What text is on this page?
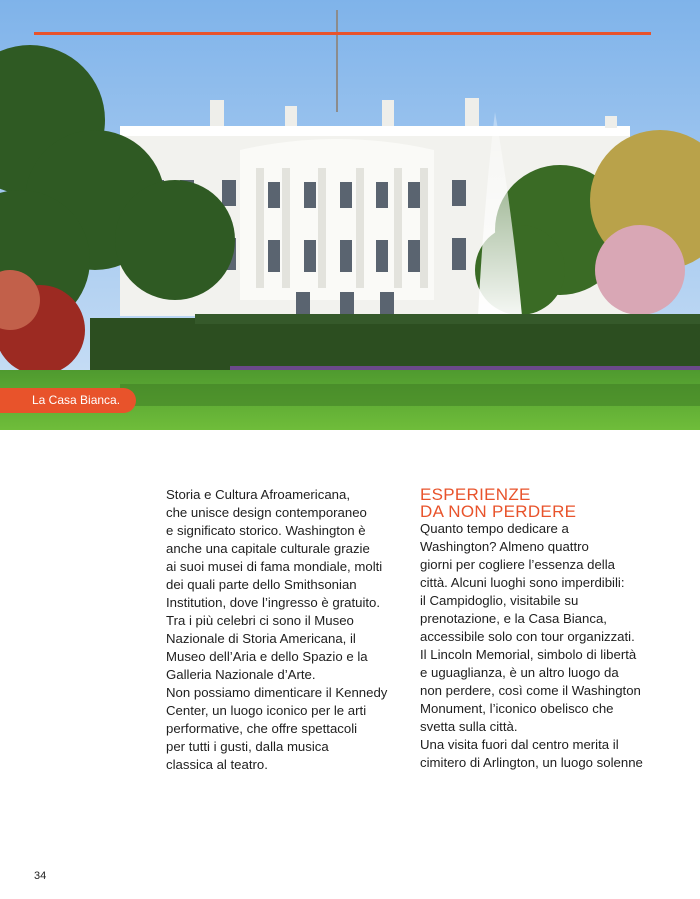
La Casa Bianca.
Storia e Cultura Afroamericana,
che unisce design contemporaneo
e significato storico. Washington è
anche una capitale culturale grazie
ai suoi musei di fama mondiale, molti
dei quali parte dello Smithsonian
Institution, dove l’ingresso è gratuito.
Tra i più celebri ci sono il Museo
Nazionale di Storia Americana, il
Museo dell’Aria e dello Spazio e la
Galleria Nazionale d’Arte.
Non possiamo dimenticare il Kennedy
Center, un luogo iconico per le arti
performative, che offre spettacoli
per tutti i gusti, dalla musica
classica al teatro.
ESPERIENZE
DA NON PERDERE
Quanto tempo dedicare a
Washington? Almeno quattro
giorni per cogliere l’essenza della
città. Alcuni luoghi sono imperdibili:
il Campidoglio, visitabile su
prenotazione, e la Casa Bianca,
accessibile solo con tour organizzati.
Il Lincoln Memorial, simbolo di libertà
e uguaglianza, è un altro luogo da
non perdere, così come il Washington
Monument, l’iconico obelisco che
svetta sulla città.
Una visita fuori dal centro merita il
cimitero di Arlington, un luogo solenne
34
